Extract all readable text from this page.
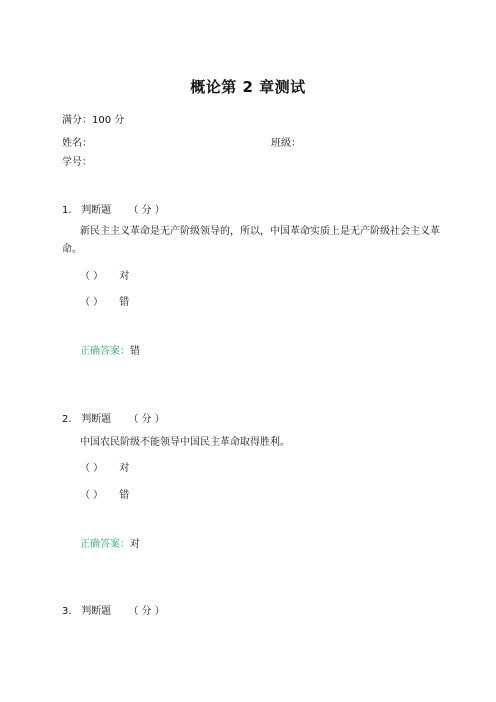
概论第 2 章测试
满分：100 分
姓名：	班级：
学号：
1. 判断题 （ 分 ）
新民主主义革命是无产阶级领导的，所以，中国革命实质上是无产阶级社会主义革命。
（ ） 对
（ ） 错
正确答案：错
2. 判断题 （ 分 ）
中国农民阶级不能领导中国民主革命取得胜利。
（ ） 对
（ ） 错
正确答案：对
3. 判断题 （ 分 ）
